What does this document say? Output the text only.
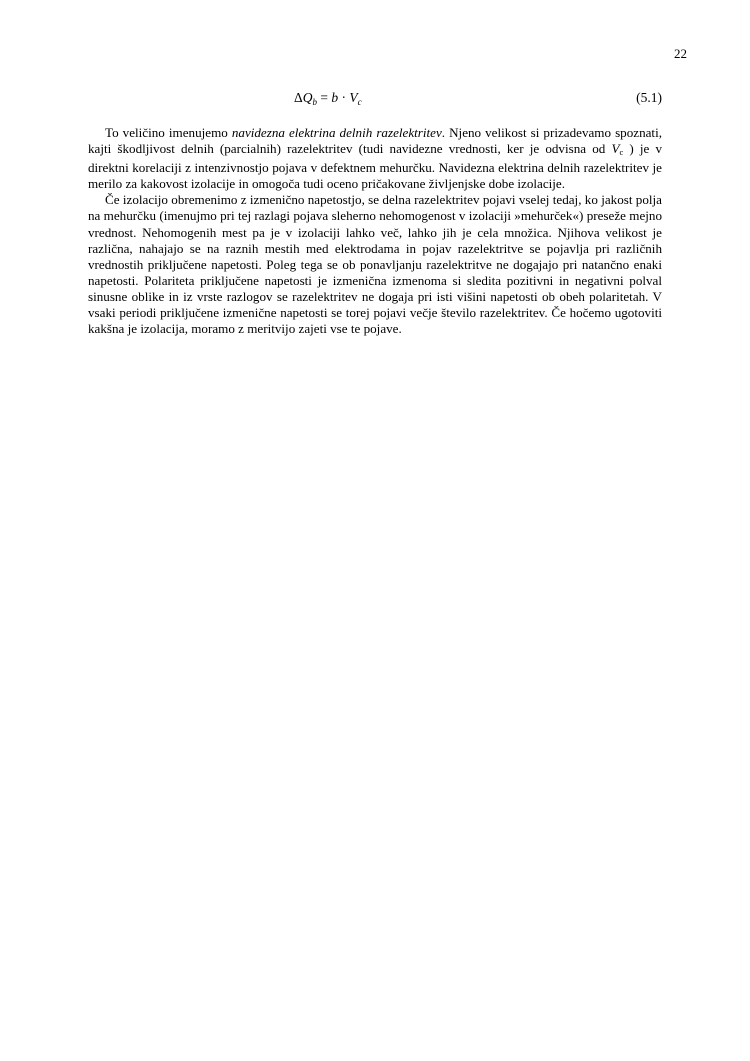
22
$\Delta Q_b = b \cdot V_c$	(5.1)

To veličino imenujemo navidezna elektrina delnih razelektritev. Njeno velikost si prizadevamo spoznati, kajti škodljivost delnih (parcialnih) razelektritev (tudi navidezne vrednosti, ker je odvisna od $V_c$ ) je v direktni korelaciji z intenzivnostjo pojava v defektnem mehurčku. Navidezna elektrina delnih razelektritev je merilo za kakovost izolacije in omogoča tudi oceno pričakovane življenjske dobe izolacije.

Če izolacijo obremenimo z izmenično napetostjo, se delna razelektritev pojavi vselej tedaj, ko jakost polja na mehurčku (imenujmo pri tej razlagi pojava sleherno nehomogenost v izolaciji »mehurček«) preseže mejno vrednost. Nehomogenih mest pa je v izolaciji lahko več, lahko jih je cela množica. Njihova velikost je različna, nahajajo se na raznih mestih med elektrodama in pojav razelektritve se pojavlja pri različnih vrednostih priključene napetosti. Poleg tega se ob ponavljanju razelektritve ne dogajajo pri natančno enaki napetosti. Polariteta priključene napetosti je izmenična izmenoma si sledita pozitivni in negativni polval sinusne oblike in iz vrste razlogov se razelektritev ne dogaja pri isti višini napetosti ob obeh polaritetah. V vsaki periodi priključene izmenične napetosti se torej pojavi večje število razelektritev. Če hočemo ugotoviti kakšna je izolacija, moramo z meritvijo zajeti vse te pojave.
